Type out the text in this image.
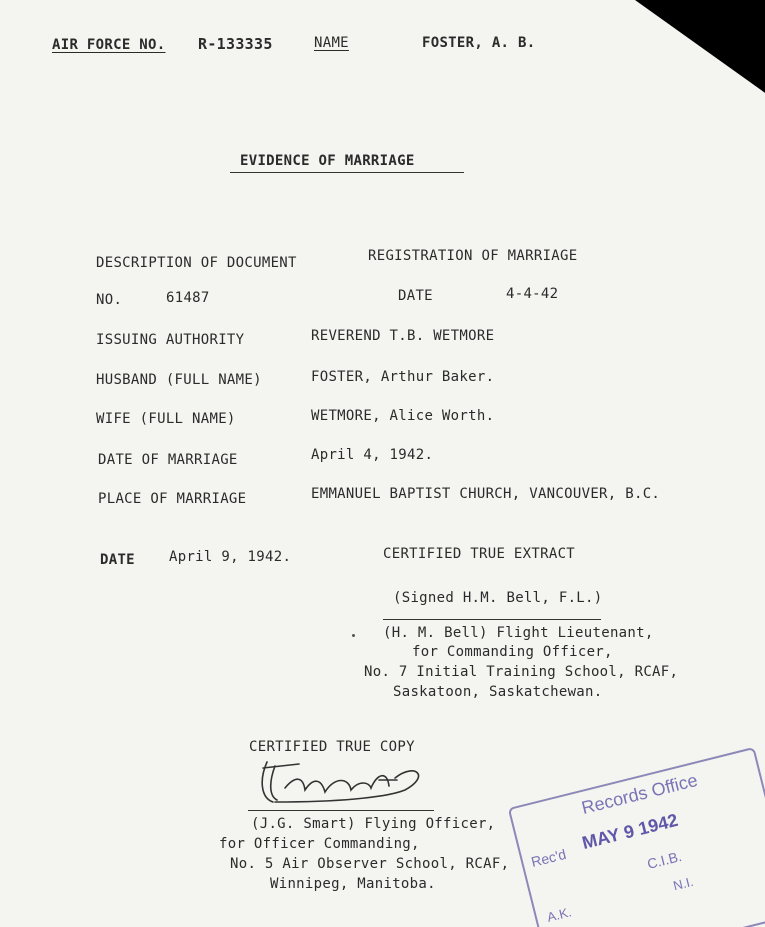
AIR FORCE NO. R-133335	NAME	FOSTER, A. B.
EVIDENCE OF MARRIAGE
DESCRIPTION OF DOCUMENT	REGISTRATION OF MARRIAGE
NO.	61487	DATE	4-4-42
ISSUING AUTHORITY	REVEREND T.B. WETMORE
HUSBAND (FULL NAME)	FOSTER, Arthur Baker.
WIFE (FULL NAME)	WETMORE, Alice Worth.
DATE OF MARRIAGE	April 4, 1942.
PLACE OF MARRIAGE	EMMANUEL BAPTIST CHURCH, VANCOUVER, B.C.
DATE April 9, 1942.	CERTIFIED TRUE EXTRACT
(Signed H.M. Bell, F.L.)
(H. M. Bell) Flight Lieutenant,
for Commanding Officer,
No. 7 Initial Training School, RCAF,
Saskatoon, Saskatchewan.
CERTIFIED TRUE COPY
(J.G. Smart) Flying Officer,
for Officer Commanding,
No. 5 Air Observer School, RCAF,
Winnipeg, Manitoba.
Records Office
Rec'd
MAY 9 1942
C.I.B.
A.K.
N.I.
